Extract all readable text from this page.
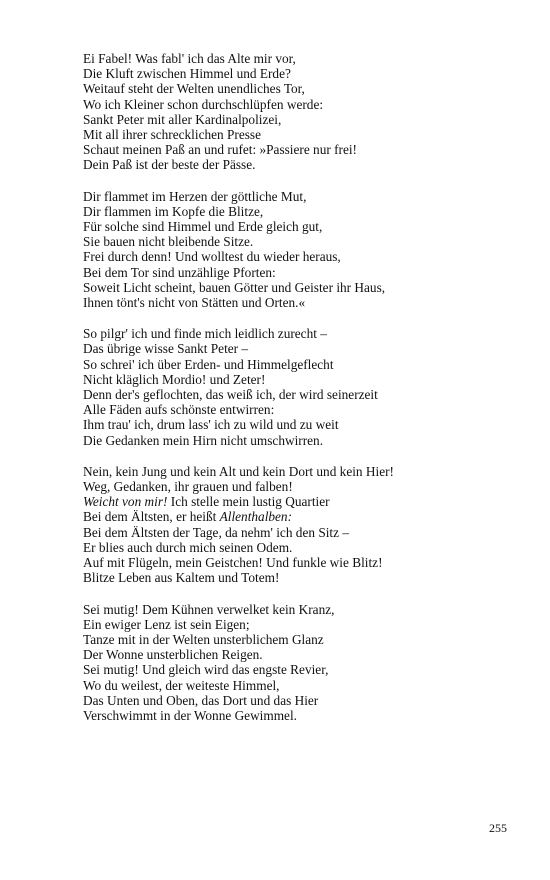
Ei Fabel! Was fabl' ich das Alte mir vor,
Die Kluft zwischen Himmel und Erde?
Weitauf steht der Welten unendliches Tor,
Wo ich Kleiner schon durchschlüpfen werde:
Sankt Peter mit aller Kardinalpolizei,
Mit all ihrer schrecklichen Presse
Schaut meinen Paß an und rufet: »Passiere nur frei!
Dein Paß ist der beste der Pässe.
Dir flammet im Herzen der göttliche Mut,
Dir flammen im Kopfe die Blitze,
Für solche sind Himmel und Erde gleich gut,
Sie bauen nicht bleibende Sitze.
Frei durch denn! Und wolltest du wieder heraus,
Bei dem Tor sind unzählige Pforten:
Soweit Licht scheint, bauen Götter und Geister ihr Haus,
Ihnen tönt's nicht von Stätten und Orten.«
So pilgr' ich und finde mich leidlich zurecht –
Das übrige wisse Sankt Peter –
So schrei' ich über Erden- und Himmelgeflecht
Nicht kläglich Mordio! und Zeter!
Denn der's geflochten, das weiß ich, der wird seinerzeit
Alle Fäden aufs schönste entwirren:
Ihm trau' ich, drum lass' ich zu wild und zu weit
Die Gedanken mein Hirn nicht umschwirren.
Nein, kein Jung und kein Alt und kein Dort und kein Hier!
Weg, Gedanken, ihr grauen und falben!
Weicht von mir! Ich stelle mein lustig Quartier
Bei dem Ältsten, er heißt Allenthalben:
Bei dem Ältsten der Tage, da nehm' ich den Sitz –
Er blies auch durch mich seinen Odem.
Auf mit Flügeln, mein Geistchen! Und funkle wie Blitz!
Blitze Leben aus Kaltem und Totem!
Sei mutig! Dem Kühnen verwelket kein Kranz,
Ein ewiger Lenz ist sein Eigen;
Tanze mit in der Welten unsterblichem Glanz
Der Wonne unsterblichen Reigen.
Sei mutig! Und gleich wird das engste Revier,
Wo du weilest, der weiteste Himmel,
Das Unten und Oben, das Dort und das Hier
Verschwimmt in der Wonne Gewimmel.
255
